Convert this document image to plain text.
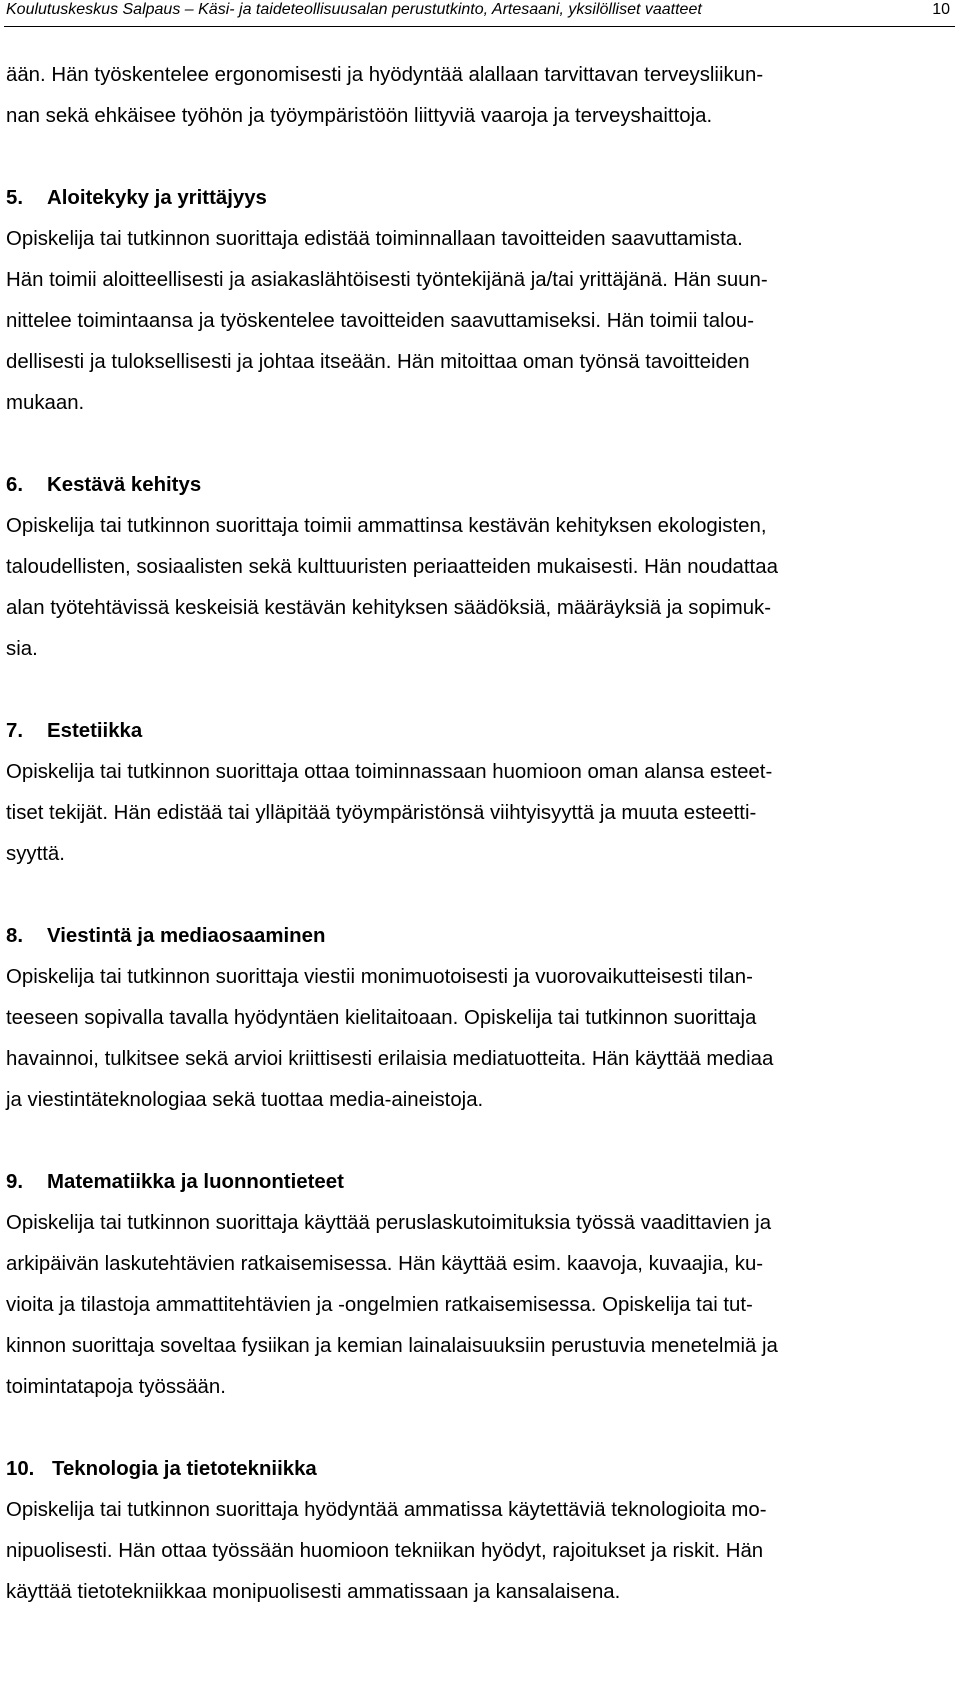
Koulutuskeskus Salpaus – Käsi- ja taideteollisuusalan perustutkinto, Artesaani, yksilölliset vaatteet	10

ään. Hän työskentelee ergonomisesti ja hyödyntää alallaan tarvittavan terveysliikun-

nan sekä ehkäisee työhön ja työympäristöön liittyviä vaaroja ja terveyshaittoja.

5. Aloitekyky ja yrittäjyys

Opiskelija tai tutkinnon suorittaja edistää toiminnallaan tavoitteiden saavuttamista.

Hän toimii aloitteellisesti ja asiakaslähtöisesti työntekijänä ja/tai yrittäjänä. Hän suun-

nittelee toimintaansa ja työskentelee tavoitteiden saavuttamiseksi. Hän toimii talou-

dellisesti ja tuloksellisesti ja johtaa itseään. Hän mitoittaa oman työnsä tavoitteiden

mukaan.

6. Kestävä kehitys

Opiskelija tai tutkinnon suorittaja toimii ammattinsa kestävän kehityksen ekologisten,

taloudellisten, sosiaalisten sekä kulttuuristen periaatteiden mukaisesti. Hän noudattaa

alan työtehtävissä keskeisiä kestävän kehityksen säädöksiä, määräyksiä ja sopimuk-

sia.

7. Estetiikka

Opiskelija tai tutkinnon suorittaja ottaa toiminnassaan huomioon oman alansa esteet-

tiset tekijät. Hän edistää tai ylläpitää työympäristönsä viihtyisyyttä ja muuta esteetti-

syyttä.

8. Viestintä ja mediaosaaminen

Opiskelija tai tutkinnon suorittaja viestii monimuotoisesti ja vuorovaikutteisesti tilan-

teeseen sopivalla tavalla hyödyntäen kielitaitoaan. Opiskelija tai tutkinnon suorittaja

havainnoi, tulkitsee sekä arvioi kriittisesti erilaisia mediatuotteita. Hän käyttää mediaa

ja viestintäteknologiaa sekä tuottaa media-aineistoja.

9. Matematiikka ja luonnontieteet

Opiskelija tai tutkinnon suorittaja käyttää peruslaskutoimituksia työssä vaadittavien ja

arkipäivän laskutehtävien ratkaisemisessa. Hän käyttää esim. kaavoja, kuvaajia, ku-

vioita ja tilastoja ammattitehtävien ja -ongelmien ratkaisemisessa. Opiskelija tai tut-

kinnon suorittaja soveltaa fysiikan ja kemian lainalaisuuksiin perustuvia menetelmiä ja

toimintatapoja työssään.

10. Teknologia ja tietotekniikka

Opiskelija tai tutkinnon suorittaja hyödyntää ammatissa käytettäviä teknologioita mo-

nipuolisesti. Hän ottaa työssään huomioon tekniikan hyödyt, rajoitukset ja riskit. Hän

käyttää tietotekniikkaa monipuolisesti ammatissaan ja kansalaisena.
